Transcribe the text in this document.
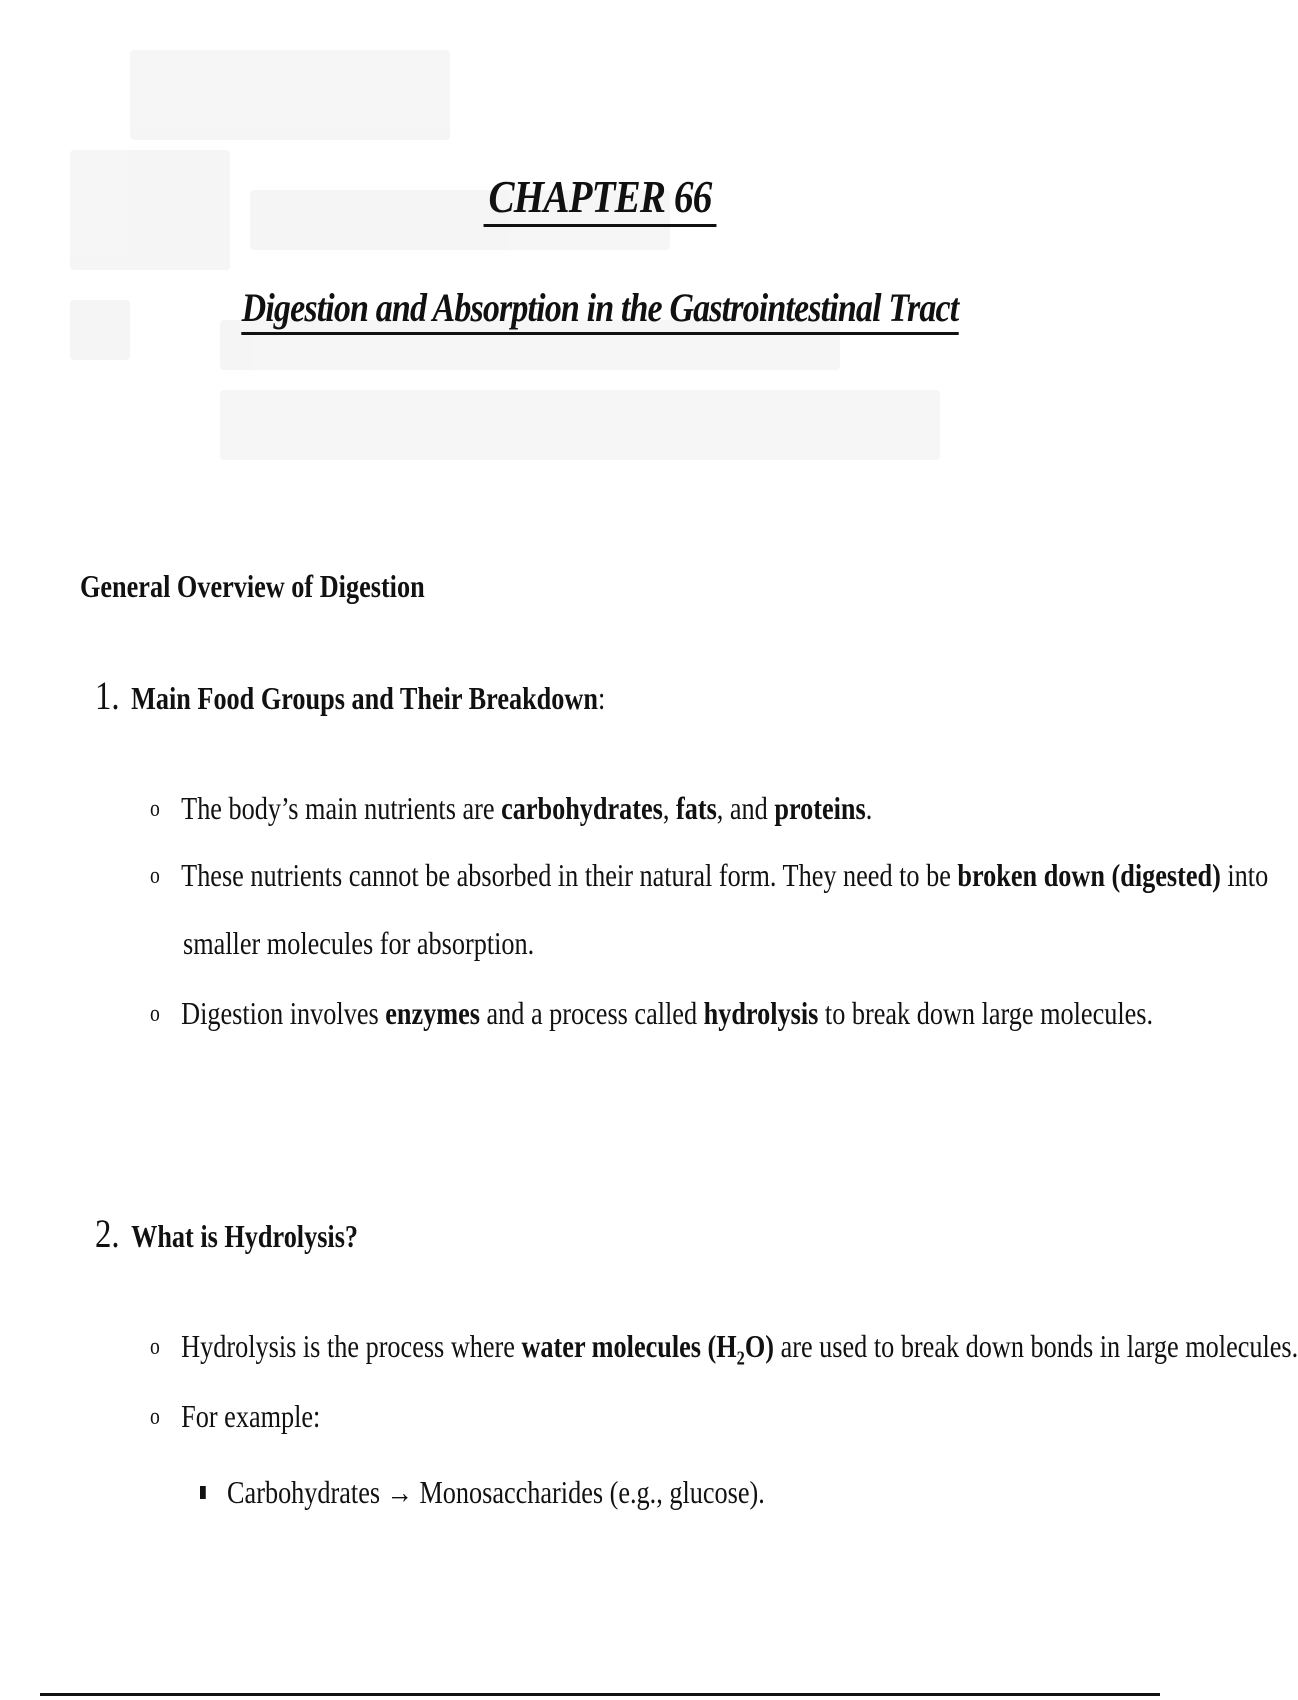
CHAPTER 66
Digestion and Absorption in the Gastrointestinal Tract
General Overview of Digestion
1. Main Food Groups and Their Breakdown:
o The body’s main nutrients are carbohydrates, fats, and proteins.
o These nutrients cannot be absorbed in their natural form. They need to be broken down (digested) into
smaller molecules for absorption.
o Digestion involves enzymes and a process called hydrolysis to break down large molecules.
2. What is Hydrolysis?
o Hydrolysis is the process where water molecules $(H_2O)$ are used to break down bonds in large molecules.
o For example:
Carbohydrates → Monosaccharides (e.g., glucose).
